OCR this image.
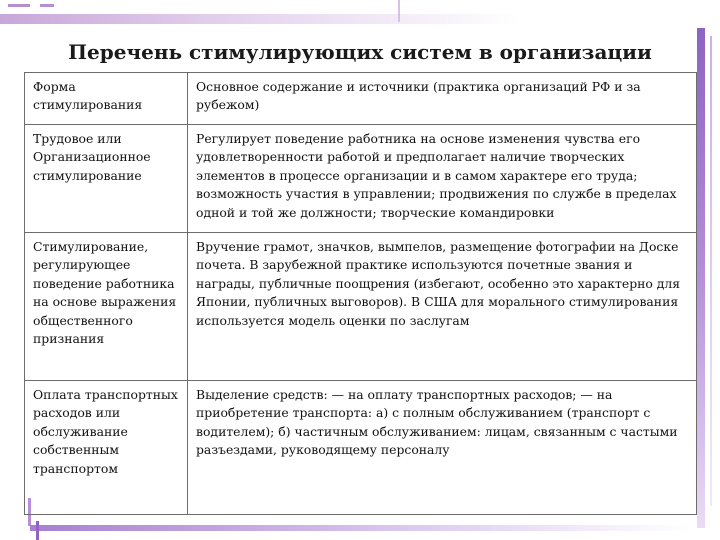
Перечень стимулирующих систем в организации
Форма стимулирования	Основное содержание и источники (практика организаций РФ и за рубежом)
Трудовое или Организационное стимулирование	Регулирует поведение работника на основе изменения чувства его удовлетворенности работой и предполагает наличие творческих элементов в процессе организации и в самом характере его труда; возможность участия в управлении; продвижения по службе в пределах одной и той же должности; творческие командировки
Стимулирование, регулирующее поведение работника на основе выражения общественного признания	Вручение грамот, значков, вымпелов, размещение фотографии на Доске почета. В зарубежной практике используются почетные звания и награды, публичные поощрения (избегают, особенно это характерно для Японии, публичных выговоров). В США для морального стимулирования используется модель оценки по заслугам
Оплата транспортных расходов или обслуживание собственным транспортом	Выделение средств: — на оплату транспортных расходов; — на приобретение транспорта: а) с полным обслуживанием (транспорт с водителем); б) частичным обслуживанием: лицам, связанным с частыми разъездами, руководящему персоналу
